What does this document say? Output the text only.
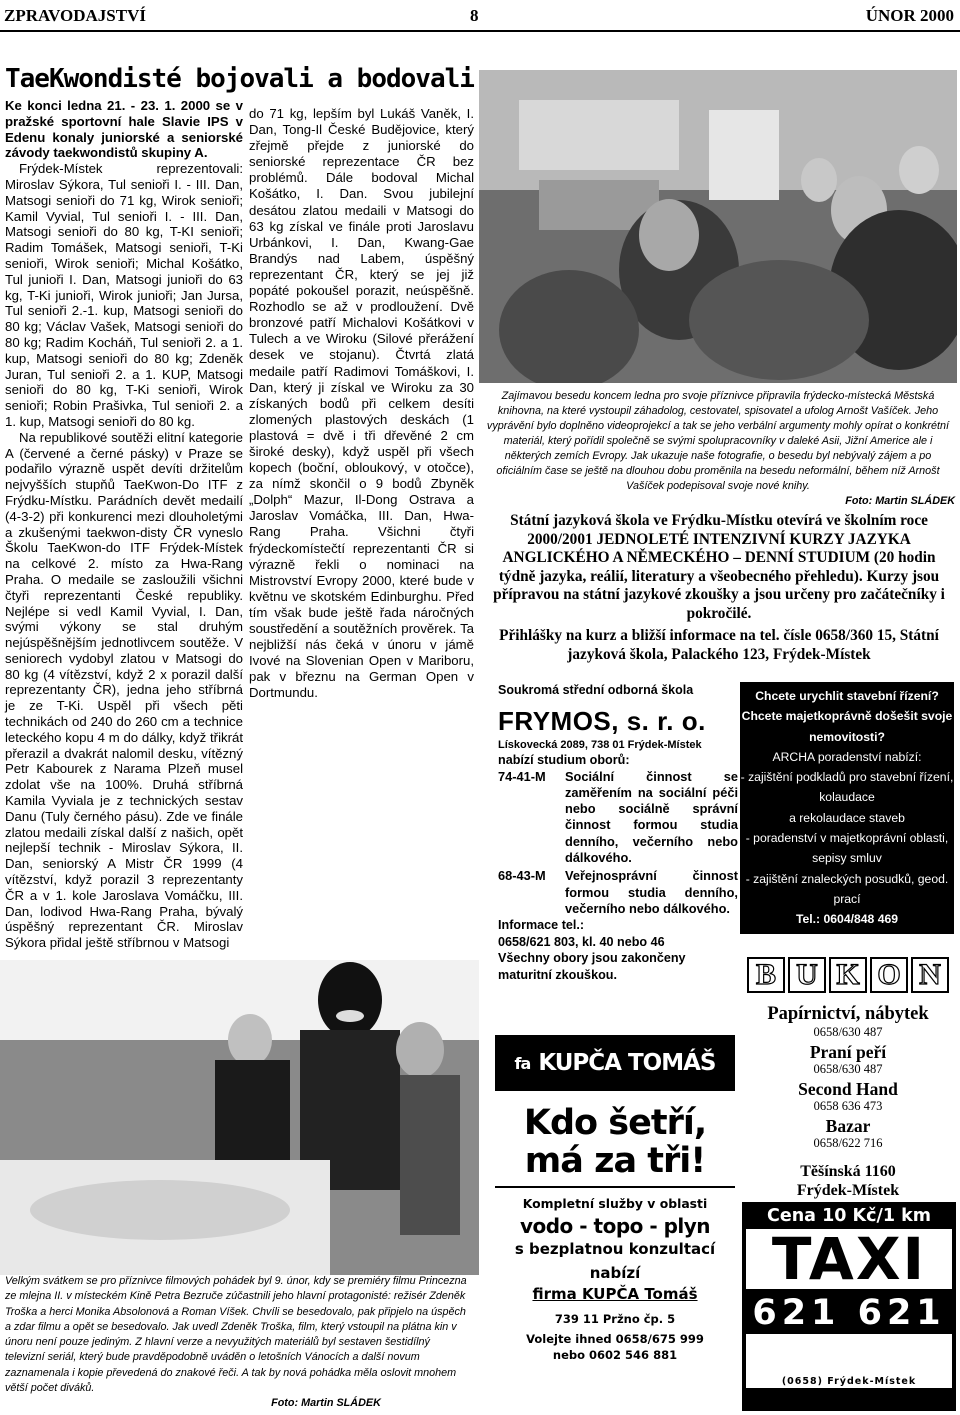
ZPRAVODAJSTVÍ	8	ÚNOR 2000
TaeKwondisté bojovali a bodovali

Ke konci ledna 21. - 23. 1. 2000 se v pražské sportovní hale Slavie IPS v Edenu konaly juniorské a seniorské závody taekwondistů skupiny A.

Frýdek-Místek reprezentovali: Miroslav Sýkora, Tul senioři I. - III. Dan, Matsogi senioři do 71 kg, Wirok senioři; Kamil Vyvial, Tul senioři I. - III. Dan, Matsogi senioři do 80 kg, T-KI senioři; Radim Tomášek, Matsogi senioři, T-Ki senioři, Wirok senioři; Michal Košátko, Tul junioři I. Dan, Matsogi junioři do 63 kg, T-Ki junioři, Wirok junioři; Jan Jursa, Tul senioři 2.-1. kup, Matsogi senioři do 80 kg; Václav Vašek, Matsogi senioři do 80 kg; Radim Kocháň, Tul senioři 2. a 1. kup, Matsogi senioři do 80 kg; Zdeněk Juran, Tul senioři 2. a 1. KUP, Matsogi senioři do 80 kg, T-Ki senioři, Wirok senioři; Robin Prašivka, Tul senioři 2. a 1. kup, Matsogi senioři do 80 kg.

Na republikové soutěži elitní kategorie A (červené a černé pásky) v Praze se podařilo výrazně uspět devíti držitelům nejvyšších stupňů TaeKwon-Do ITF z Frýdku-Místku. Parádních devět medailí (4-3-2) při konkurenci mezi dlouholetými a zkušenými taekwon-disty ČR vyneslo Školu TaeKwon-do ITF Frýdek-Místek na celkové 2. místo za Hwa-Rang Praha. O medaile se zasloužili všichni čtyři reprezentanti České republiky. Nejlépe si vedl Kamil Vyvial, I. Dan, svými výkony se stal druhým nejúspěšnějším jednotlivcem soutěže. V seniorech vydobyl zlatou v Matsogi do 80 kg (4 vítězství, když 2 x porazil další reprezentanty ČR), jedna jeho stříbrná je ze T-Ki. Uspěl při všech pěti technikách od 240 do 260 cm a technice leteckého kopu 4 m do dálky, když třikrát přerazil a dvakrát nalomil desku, vítězný Petr Kabourek z Narama Plzeň musel zdolat vše na 100%. Druhá stříbrná Kamila Vyviala je z technických sestav Danu (Tuly černého pásu). Zde ve finále zlatou medaili získal další z našich, opět nejlepší technik - Miroslav Sýkora, II. Dan, seniorský A Mistr ČR 1999 (4 vítězství, když porazil 3 reprezentanty ČR a v 1. kole Jaroslava Vomáčku, III. Dan, lodivod Hwa-Rang Praha, bývalý úspěšný reprezentant ČR. Miroslav Sýkora přidal ještě stříbrnou v Matsogi

do 71 kg, lepším byl Lukáš Vaněk, I. Dan, Tong-Il České Budějovice, který zřejmě přejde z juniorské do seniorské reprezentace ČR bez problémů. Dále bodoval Michal Košátko, I. Dan. Svou jubilejní desátou zlatou medaili v Matsogi do 63 kg získal ve finále proti Jaroslavu Urbánkovi, I. Dan, Kwang-Gae Brandýs nad Labem, úspěšný reprezentant ČR, který se jej již popáté pokoušel porazit, neúspěšně. Rozhodlo se až v prodloužení. Dvě bronzové patří Michalovi Košátkovi v Tulech a ve Wiroku (Silové přerážení desek ve stojanu). Čtvrtá zlatá medaile patří Radimovi Tomáškovi, I. Dan, který ji získal ve Wiroku za 30 získaných bodů při celkem desíti zlomených plastových deskách (1 plastová = dvě i tři dřevěné 2 cm široké desky), když uspěl při všech kopech (boční, obloukový, v otočce), za nímž skončil o 9 bodů Zbyněk „Dolph“ Mazur, Il-Dong Ostrava a Jaroslav Vomáčka, III. Dan, Hwa-Rang Praha. Všichni čtyři frýdeckomístečtí reprezentanti ČR si výrazně řekli o nominaci na Mistrovství Evropy 2000, které bude v květnu ve skotském Edinburghu. Před tím však bude ještě řada náročných soustředění a soutěžních prověrek. Ta nejbližší nás čeká v únoru v jámě Ivové na Slovenian Open v Mariboru, pak v březnu na German Open v Dortmundu.

Zajímavou besedu koncem ledna pro svoje příznivce připravila frýdecko-místecká Městská knihovna, na které vystoupil záhadolog, cestovatel, spisovatel a ufolog Arnošt Vašíček. Jeho vyprávění bylo doplněno videoprojekcí a tak se jeho verbální argumenty mohly opírat o konkrétní materiál, který pořídil společně se svými spolupracovníky v daleké Asii, Jižní Americe ale i některých zemích Evropy. Jak ukazuje naše fotografie, o besedu byl nebývalý zájem a po oficiálním čase se ještě na dlouhou dobu proměnila na besedu neformální, během níž Arnošt Vašíček podepisoval svoje nové knihy.
Foto: Martin SLÁDEK
Státní jazyková škola ve Frýdku-Místku otevírá ve školním roce 2000/2001 JEDNOLETÉ INTENZIVNÍ KURZY JAZYKA ANGLICKÉHO A NĚMECKÉHO – DENNÍ STUDIUM (20 hodin týdně jazyka, reálií, literatury a všeobecného přehledu). Kurzy jsou přípravou na státní jazykové zkoušky a jsou určeny pro začátečníky i pokročilé.
Přihlášky na kurz a bližší informace na tel. čísle 0658/360 15, Státní jazyková škola, Palackého 123, Frýdek-Místek
Velkým svátkem se pro příznivce filmových pohádek byl 9. únor, kdy se premiéry filmu Princezna ze mlejna II. v místeckém Kině Petra Bezruče zúčastnili jeho hlavní protagonisté: režisér Zdeněk Troška a herci Monika Absolonová a Roman Víšek. Chvíli se besedovalo, pak připjelo na úspěch a zdar filmu a opět se besedovalo. Jak uvedl Zdeněk Troška, film, který vstoupil na plátna kin v únoru není pouze jediným. Z hlavní verze a nevyužitých materiálů byl sestaven šestidílný televizní seriál, který bude pravděpodobně uváděn o letošních Vánocích a další novum zaznamenala i kopie převedená do znakové řeči. A tak by nová pohádka měla oslovit mnohem větší počet diváků.
Foto: Martin SLÁDEK
Soukromá střední odborná škola
FRYMOS, s. r. o.
Lískovecká 2089, 738 01 Frýdek-Místek
nabízí studium oborů:
74-41-M	Sociální činnost se zaměřením na sociální péči nebo sociálně správní činnost formou studia denního, večerního nebo dálkového.
68-43-M	Veřejnosprávní činnost formou studia denního, večerního nebo dálkového.
Informace tel.:
0658/621 803, kl. 40 nebo 46
Všechny obory jsou zakončeny maturitní zkouškou.
Chcete urychlit stavební řízení?
Chcete majetkoprávně došešit svoje nemovitosti?
ARCHA poradenství nabízí:
- zajištění podkladů pro stavební řízení, kolaudace
a rekolaudace staveb
- poradenství v majetkoprávní oblasti, sepisy smluv
- zajištění znaleckých posudků, geod. prací
Tel.: 0604/848 469
fa KUPČA TOMÁŠ
Kdo šetří,
má za tři!
Kompletní služby v oblasti
vodo - topo - plyn
s bezplatnou konzultací
nabízí
firma KUPČA Tomáš
739 11 Pržno čp. 5
Volejte ihned 0658/675 999
nebo 0602 546 881
B U K O N
Papírnictví, nábytek
0658/630 487
Praní peří
0658/630 487
Second Hand
0658 636 473
Bazar
0658/622 716
Těšínská 1160
Frýdek-Místek
Cena 10 Kč/1 km
TAXI
621 621
622 050
(0658) Frýdek-Místek
